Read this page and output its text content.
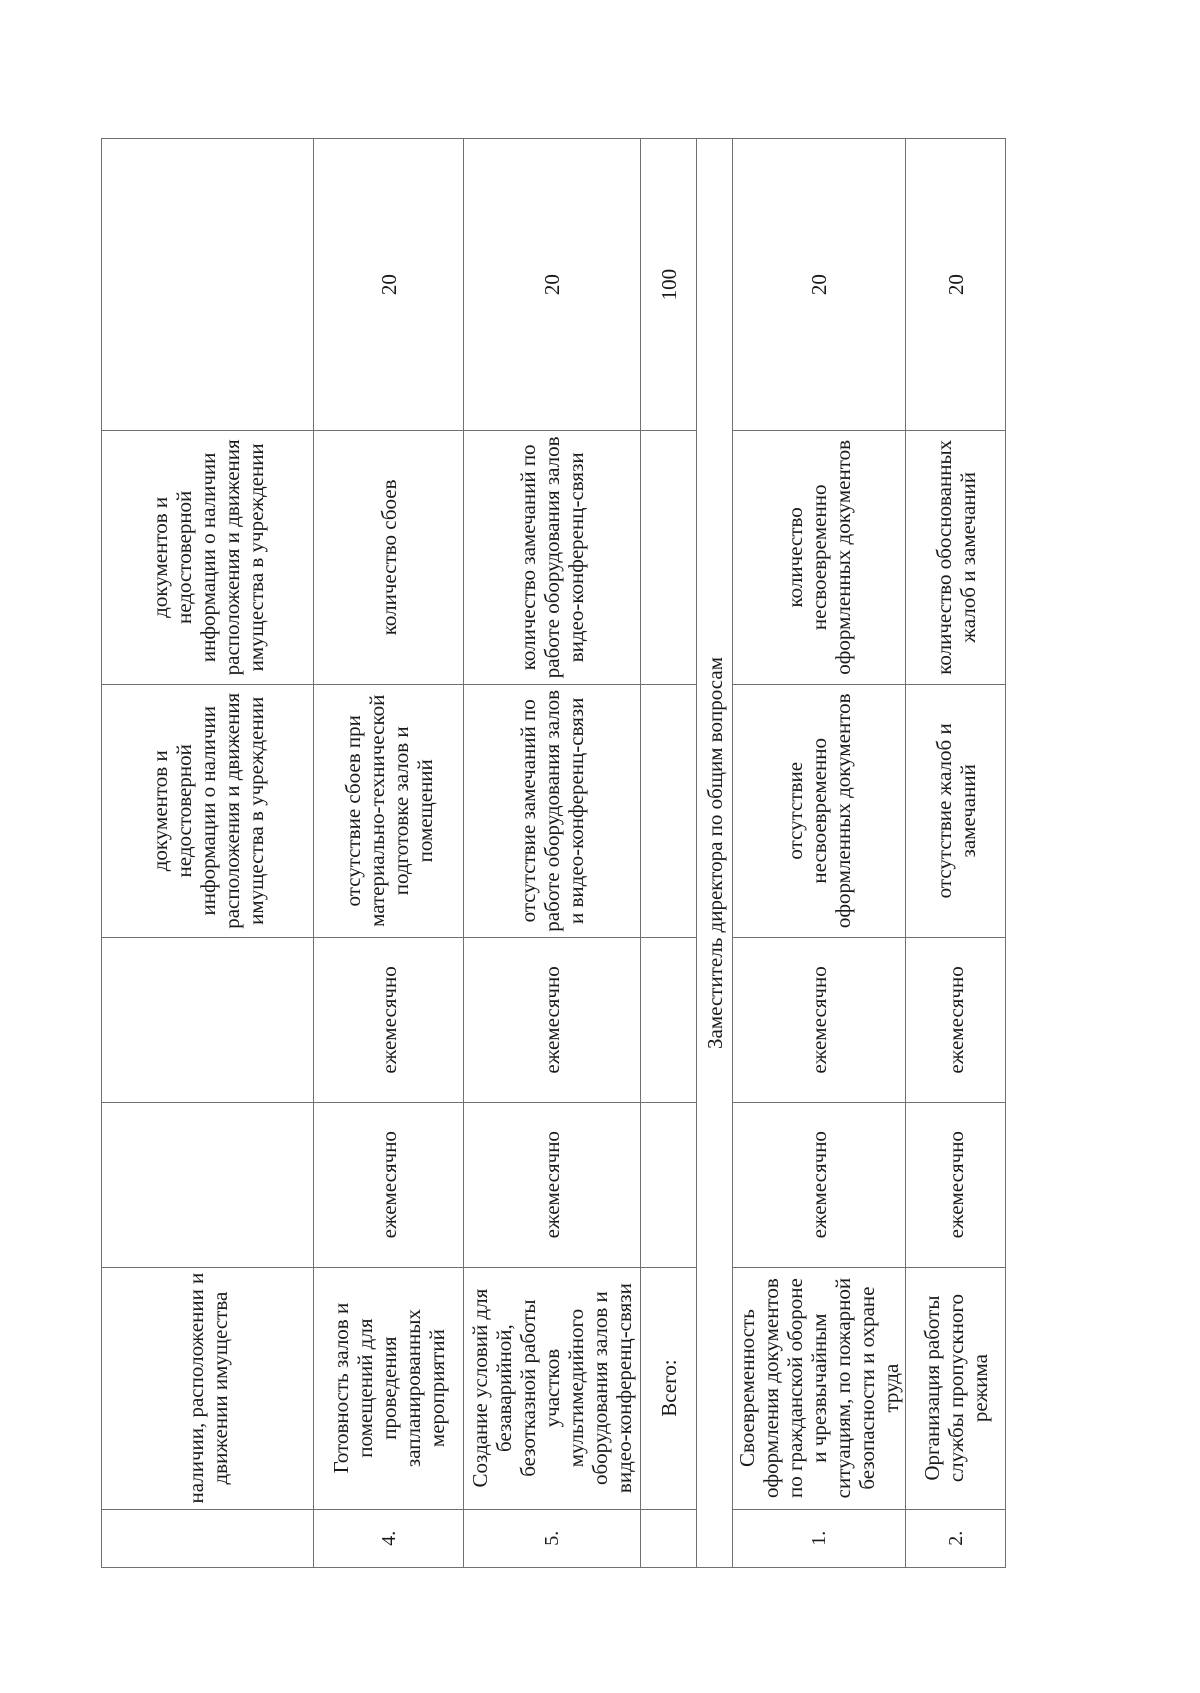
	наличии, расположении и движении имущества			документов и недостоверной информации о наличии расположения и движения имущества в учреждении	документов и недостоверной информации о наличии расположения и движения имущества в учреждении	
4.	Готовность залов и помещений для проведения запланированных мероприятий	ежемесячно	ежемесячно	отсутствие сбоев при материально-технической подготовке залов и помещений	количество сбоев	20
5.	Создание условий для безаварийной, безотказной работы участков мультимедийного оборудования залов и видео-конференц-связи	ежемесячно	ежемесячно	отсутствие замечаний по работе оборудования залов и видео-конференц-связи	количество замечаний по работе оборудования залов видео-конференц-связи	20
	Всего:					100
Заместитель директора по общим вопросам						
1.	Своевременность оформления документов по гражданской обороне и чрезвычайным ситуациям, по пожарной безопасности и охране труда	ежемесячно	ежемесячно	отсутствие несвоевременно оформленных документов	количество несвоевременно оформленных документов	20
2.	Организация работы службы пропускного режима	ежемесячно	ежемесячно	отсутствие жалоб и замечаний	количество обоснованных жалоб и замечаний	20
